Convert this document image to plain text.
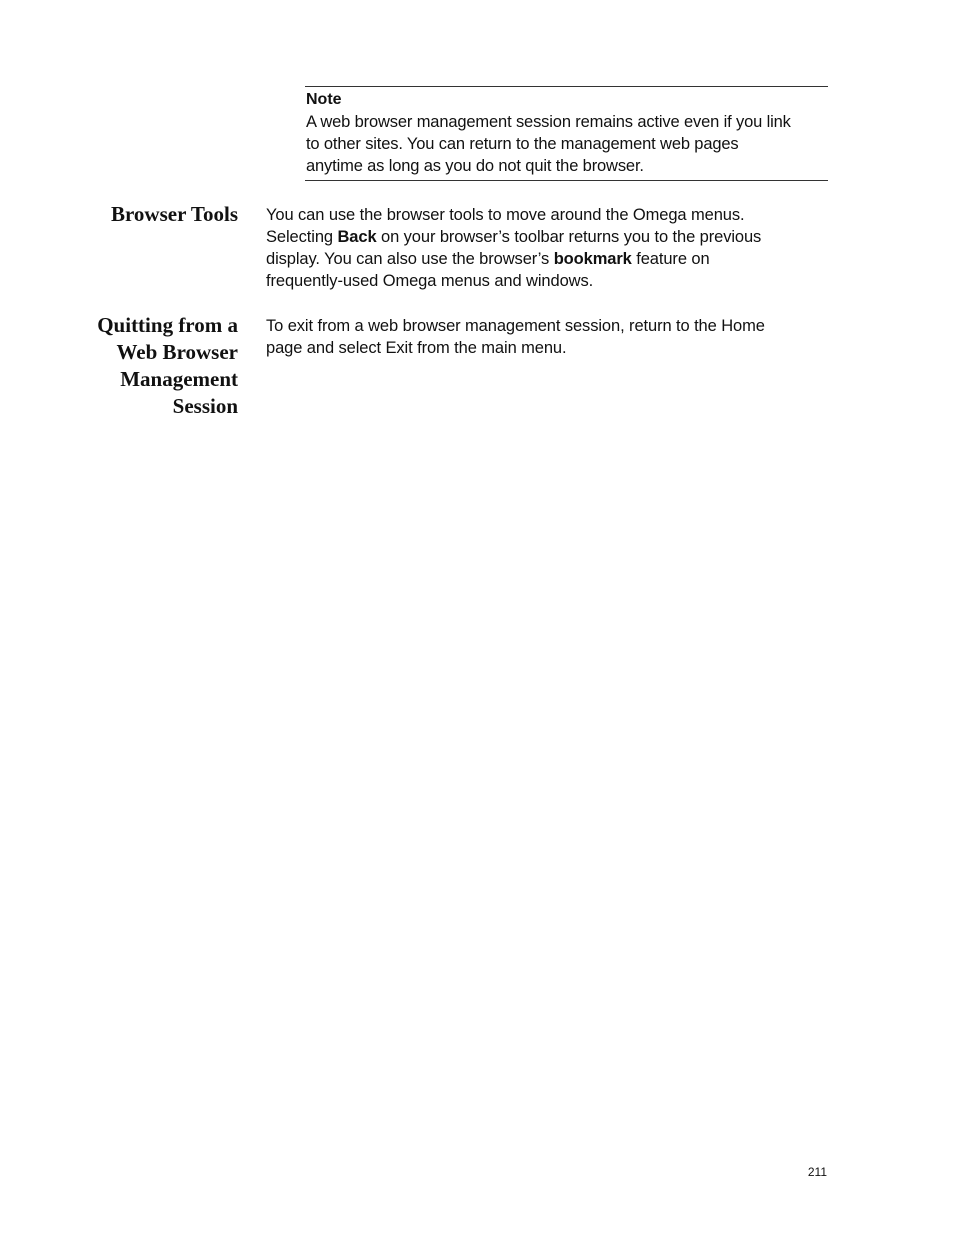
Note
A web browser management session remains active even if you link
to other sites. You can return to the management web pages
anytime as long as you do not quit the browser.
Browser Tools You can use the browser tools to move around the Omega menus.
Selecting Back on your browser’s toolbar returns you to the previous
display. You can also use the browser’s bookmark feature on
frequently-used Omega menus and windows.
Quitting from a
Web Browser
Management
Session
To exit from a web browser management session, return to the Home
page and select Exit from the main menu.
211
